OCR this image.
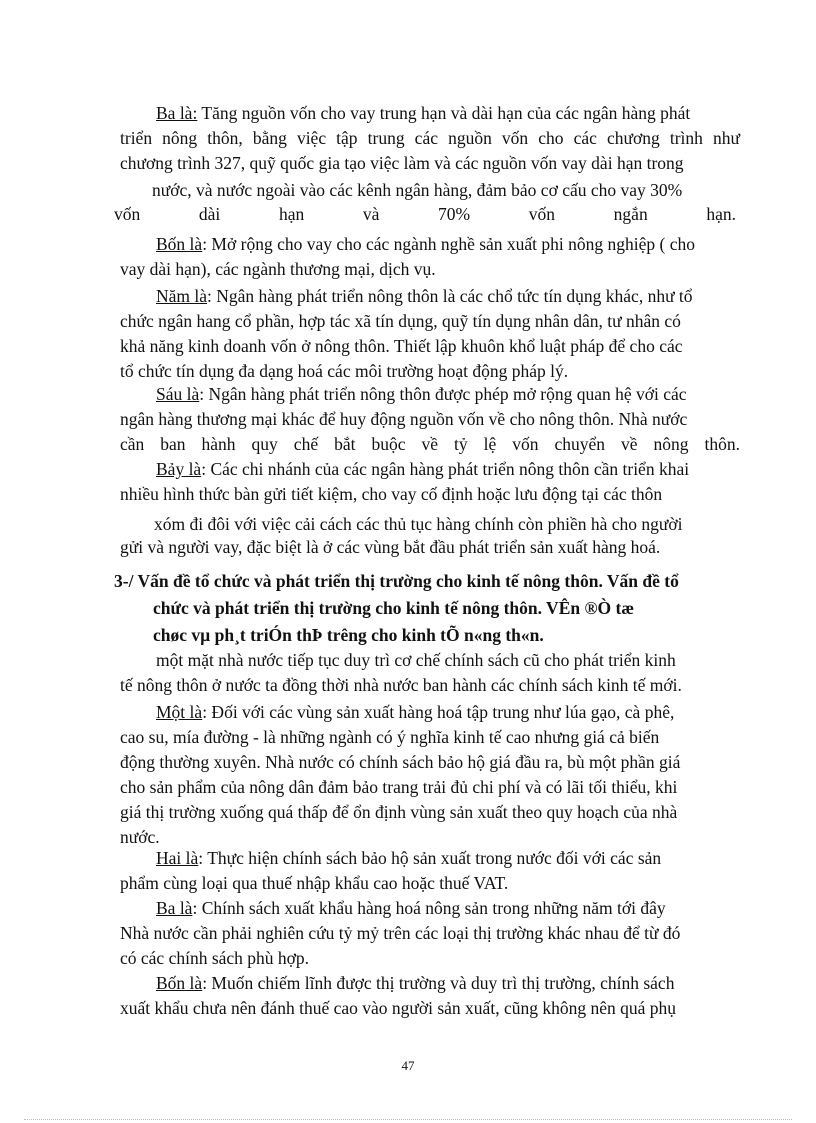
Ba là: Tăng nguồn vốn cho vay trung hạn và dài hạn của các ngân hàng phát
triển nông thôn, bằng việc tập trung các nguồn vốn cho các chương trình như
chương trình 327, quỹ quốc gia tạo việc làm và các nguồn vốn vay dài hạn trong
nước, và nước ngoài vào các kênh ngân hàng, đảm bảo cơ cấu cho vay 30%
vốn dài hạn và 70% vốn ngắn hạn.
Bốn là: Mở rộng cho vay cho các ngành nghề sản xuất phi nông nghiệp ( cho
vay dài hạn), các ngành thương mại, dịch vụ.
Năm là: Ngân hàng phát triển nông thôn là các chổ tức tín dụng khác, như tổ
chức ngân hang cổ phần, hợp tác xã tín dụng, quỹ tín dụng nhân dân, tư nhân có
khả năng kinh doanh vốn ở nông thôn. Thiết lập khuôn khổ luật pháp để cho các
tổ chức tín dụng đa dạng hoá các môi trường hoạt động pháp lý.
Sáu là: Ngân hàng phát triển nông thôn được phép mở rộng quan hệ với các
ngân hàng thương mại khác để huy động nguồn vốn về cho nông thôn. Nhà nước
cần ban hành quy chế bắt buộc về tỷ lệ vốn chuyển về nông thôn.
Bảy là: Các chi nhánh của các ngân hàng phát triển nông thôn cần triển khai
nhiều hình thức bàn gửi tiết kiệm, cho vay cố định hoặc lưu động tại các thôn
xóm đi đôi với việc cải cách các thủ tục hàng chính còn phiền hà cho người
gửi và người vay, đặc biệt là ở các vùng bắt đầu phát triển sản xuất hàng hoá.
3-/ Vấn đề tổ chức và phát triển thị trường cho kinh tế nông thôn. Vấn đề tổ
chức và phát triển thị trường cho kinh tế nông thôn. VÊn ®Ò tæ
chøc vµ ph¸t triÓn thÞ trêng cho kinh tÕ n«ng th«n.
một mặt nhà nước tiếp tục duy trì cơ chế chính sách cũ cho phát triển kinh
tế nông thôn ở nước ta đồng thời nhà nước ban hành các chính sách kinh tế mới.
Một là: Đối với các vùng sản xuất hàng hoá tập trung như lúa gạo, cà phê,
cao su, mía đường - là những ngành có ý nghĩa kinh tế cao nhưng giá cả biến
động thường xuyên. Nhà nước có chính sách bảo hộ giá đầu ra, bù một phần giá
cho sản phẩm của nông dân đảm bảo trang trải đủ chi phí và có lãi tối thiểu, khi
giá thị trường xuống quá thấp để ổn định vùng sản xuất theo quy hoạch của nhà
nước.
Hai là: Thực hiện chính sách bảo hộ sản xuất trong nước đối với các sản
phẩm cùng loại qua thuế nhập khẩu cao hoặc thuế VAT.
Ba là: Chính sách xuất khẩu hàng hoá nông sản trong những năm tới đây
Nhà nước cần phải nghiên cứu tỷ mỷ trên các loại thị trường khác nhau để từ đó
có các chính sách phù hợp.
Bốn là: Muốn chiếm lĩnh được thị trường và duy trì thị trường, chính sách
xuất khẩu chưa nên đánh thuế cao vào người sản xuất, cũng không nên quá phụ
47
